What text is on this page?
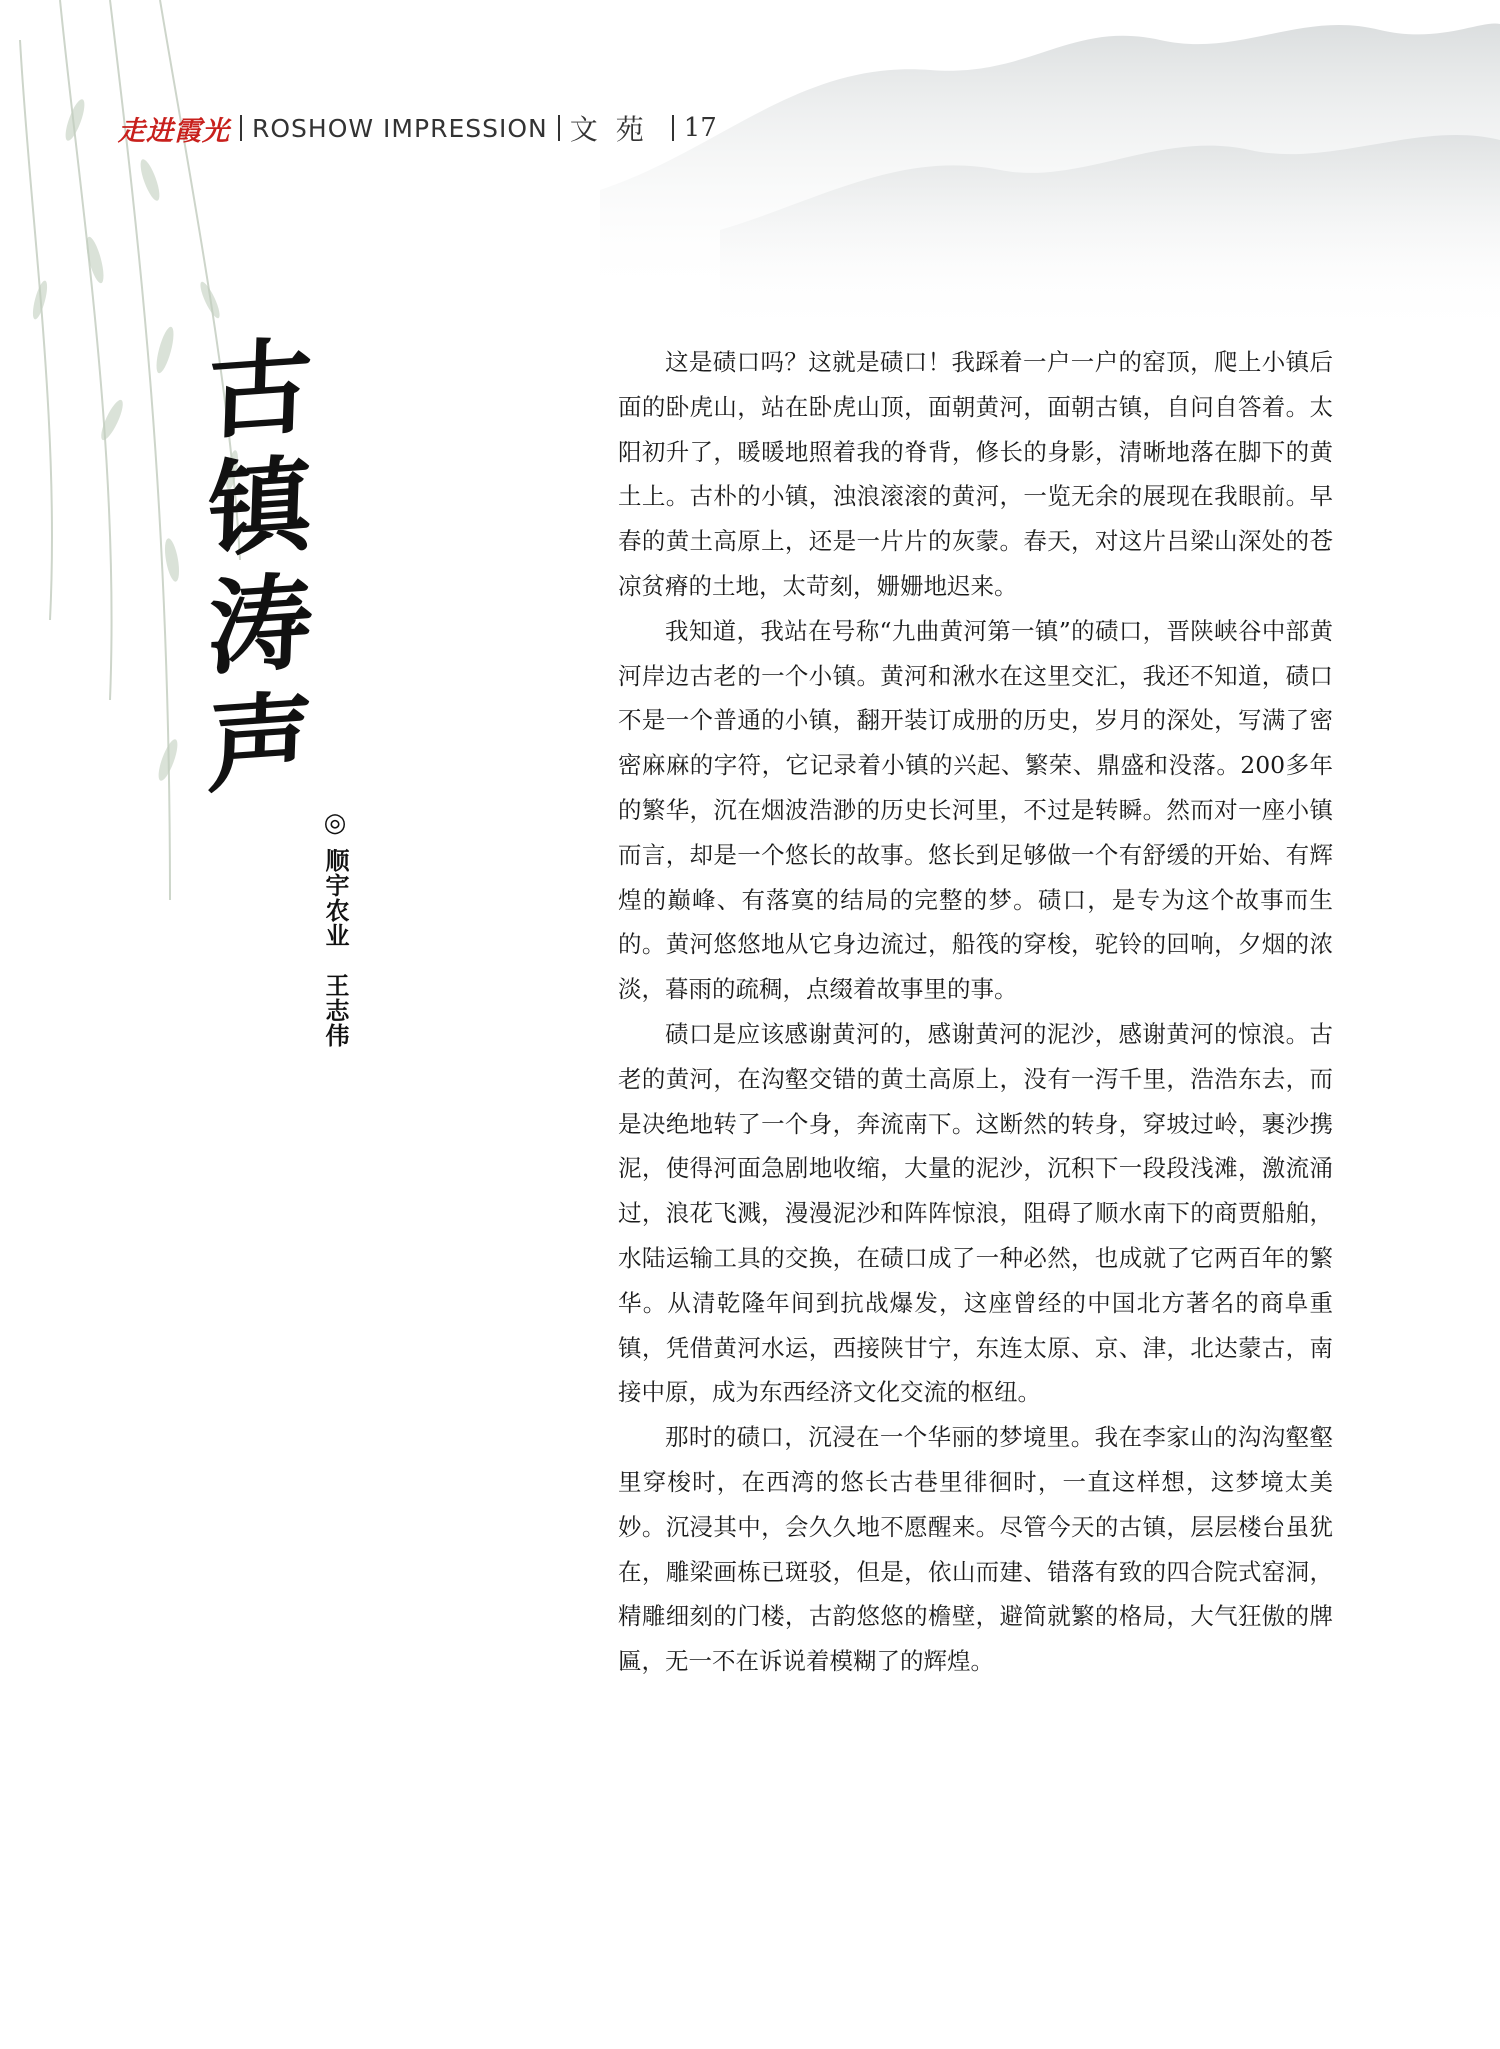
走进霞光 ROSHOW IMPRESSION 文苑 17
古
镇
涛
声
◎
顺宇农业　王志伟

这是碛口吗？这就是碛口！我踩着一户一户的窑顶，爬上小镇后面的卧虎山，站在卧虎山顶，面朝黄河，面朝古镇，自问自答着。太阳初升了，暖暖地照着我的脊背，修长的身影，清晰地落在脚下的黄土上。古朴的小镇，浊浪滚滚的黄河，一览无余的展现在我眼前。早春的黄土高原上，还是一片片的灰蒙。春天，对这片吕梁山深处的苍凉贫瘠的土地，太苛刻，姗姗地迟来。

我知道，我站在号称“九曲黄河第一镇”的碛口，晋陕峡谷中部黄河岸边古老的一个小镇。黄河和湫水在这里交汇，我还不知道，碛口不是一个普通的小镇，翻开装订成册的历史，岁月的深处，写满了密密麻麻的字符，它记录着小镇的兴起、繁荣、鼎盛和没落。200多年的繁华，沉在烟波浩渺的历史长河里，不过是转瞬。然而对一座小镇而言，却是一个悠长的故事。悠长到足够做一个有舒缓的开始、有辉煌的巅峰、有落寞的结局的完整的梦。碛口，是专为这个故事而生的。黄河悠悠地从它身边流过，船筏的穿梭，驼铃的回响，夕烟的浓淡，暮雨的疏稠，点缀着故事里的事。

碛口是应该感谢黄河的，感谢黄河的泥沙，感谢黄河的惊浪。古老的黄河，在沟壑交错的黄土高原上，没有一泻千里，浩浩东去，而是决绝地转了一个身，奔流南下。这断然的转身，穿坡过岭，裹沙携泥，使得河面急剧地收缩，大量的泥沙，沉积下一段段浅滩，激流涌过，浪花飞溅，漫漫泥沙和阵阵惊浪，阻碍了顺水南下的商贾船舶，水陆运输工具的交换，在碛口成了一种必然，也成就了它两百年的繁华。从清乾隆年间到抗战爆发，这座曾经的中国北方著名的商阜重镇，凭借黄河水运，西接陕甘宁，东连太原、京、津，北达蒙古，南接中原，成为东西经济文化交流的枢纽。

那时的碛口，沉浸在一个华丽的梦境里。我在李家山的沟沟壑壑里穿梭时，在西湾的悠长古巷里徘徊时，一直这样想，这梦境太美妙。沉浸其中，会久久地不愿醒来。尽管今天的古镇，层层楼台虽犹在，雕梁画栋已斑驳，但是，依山而建、错落有致的四合院式窑洞，精雕细刻的门楼，古韵悠悠的檐壁，避简就繁的格局，大气狂傲的牌匾，无一不在诉说着模糊了的辉煌。
